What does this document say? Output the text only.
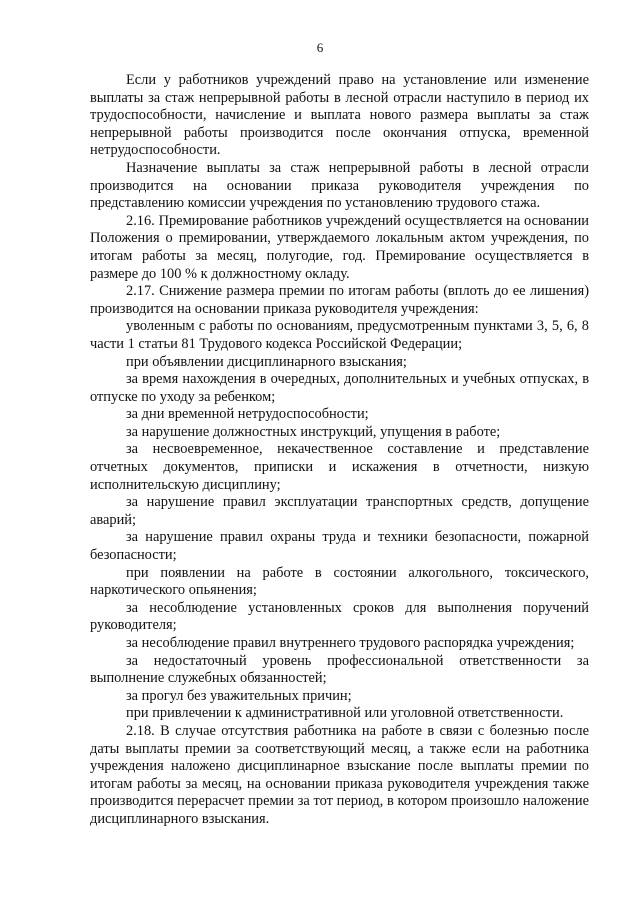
6

Если у работников учреждений право на установление или изменение выплаты за стаж непрерывной работы в лесной отрасли наступило в период их трудоспособности, начисление и выплата нового размера выплаты за стаж непрерывной работы производится после окончания отпуска, временной нетрудоспособности.

Назначение выплаты за стаж непрерывной работы в лесной отрасли производится на основании приказа руководителя учреждения по представлению комиссии учреждения по установлению трудового стажа.

2.16. Премирование работников учреждений осуществляется на основании Положения о премировании, утверждаемого локальным актом учреждения, по итогам работы за месяц, полугодие, год. Премирование осуществляется в размере до 100 % к должностному окладу.

2.17. Снижение размера премии по итогам работы (вплоть до ее лишения) производится на основании приказа руководителя учреждения:

уволенным с работы по основаниям, предусмотренным пунктами 3, 5, 6, 8 части 1 статьи 81 Трудового кодекса Российской Федерации;

при объявлении дисциплинарного взыскания;

за время нахождения в очередных, дополнительных и учебных отпусках, в отпуске по уходу за ребенком;

за дни временной нетрудоспособности;

за нарушение должностных инструкций, упущения в работе;

за несвоевременное, некачественное составление и представление отчетных документов, приписки и искажения в отчетности, низкую исполнительскую дисциплину;

за нарушение правил эксплуатации транспортных средств, допущение аварий;

за нарушение правил охраны труда и техники безопасности, пожарной безопасности;

при появлении на работе в состоянии алкогольного, токсического, наркотического опьянения;

за несоблюдение установленных сроков для выполнения поручений руководителя;

за несоблюдение правил внутреннего трудового распорядка учреждения;

за недостаточный уровень профессиональной ответственности за выполнение служебных обязанностей;

за прогул без уважительных причин;

при привлечении к административной или уголовной ответственности.

2.18. В случае отсутствия работника на работе в связи с болезнью после даты выплаты премии за соответствующий месяц, а также если на работника учреждения наложено дисциплинарное взыскание после выплаты премии по итогам работы за месяц, на основании приказа руководителя учреждения также производится перерасчет премии за тот период, в котором произошло наложение дисциплинарного взыскания.
